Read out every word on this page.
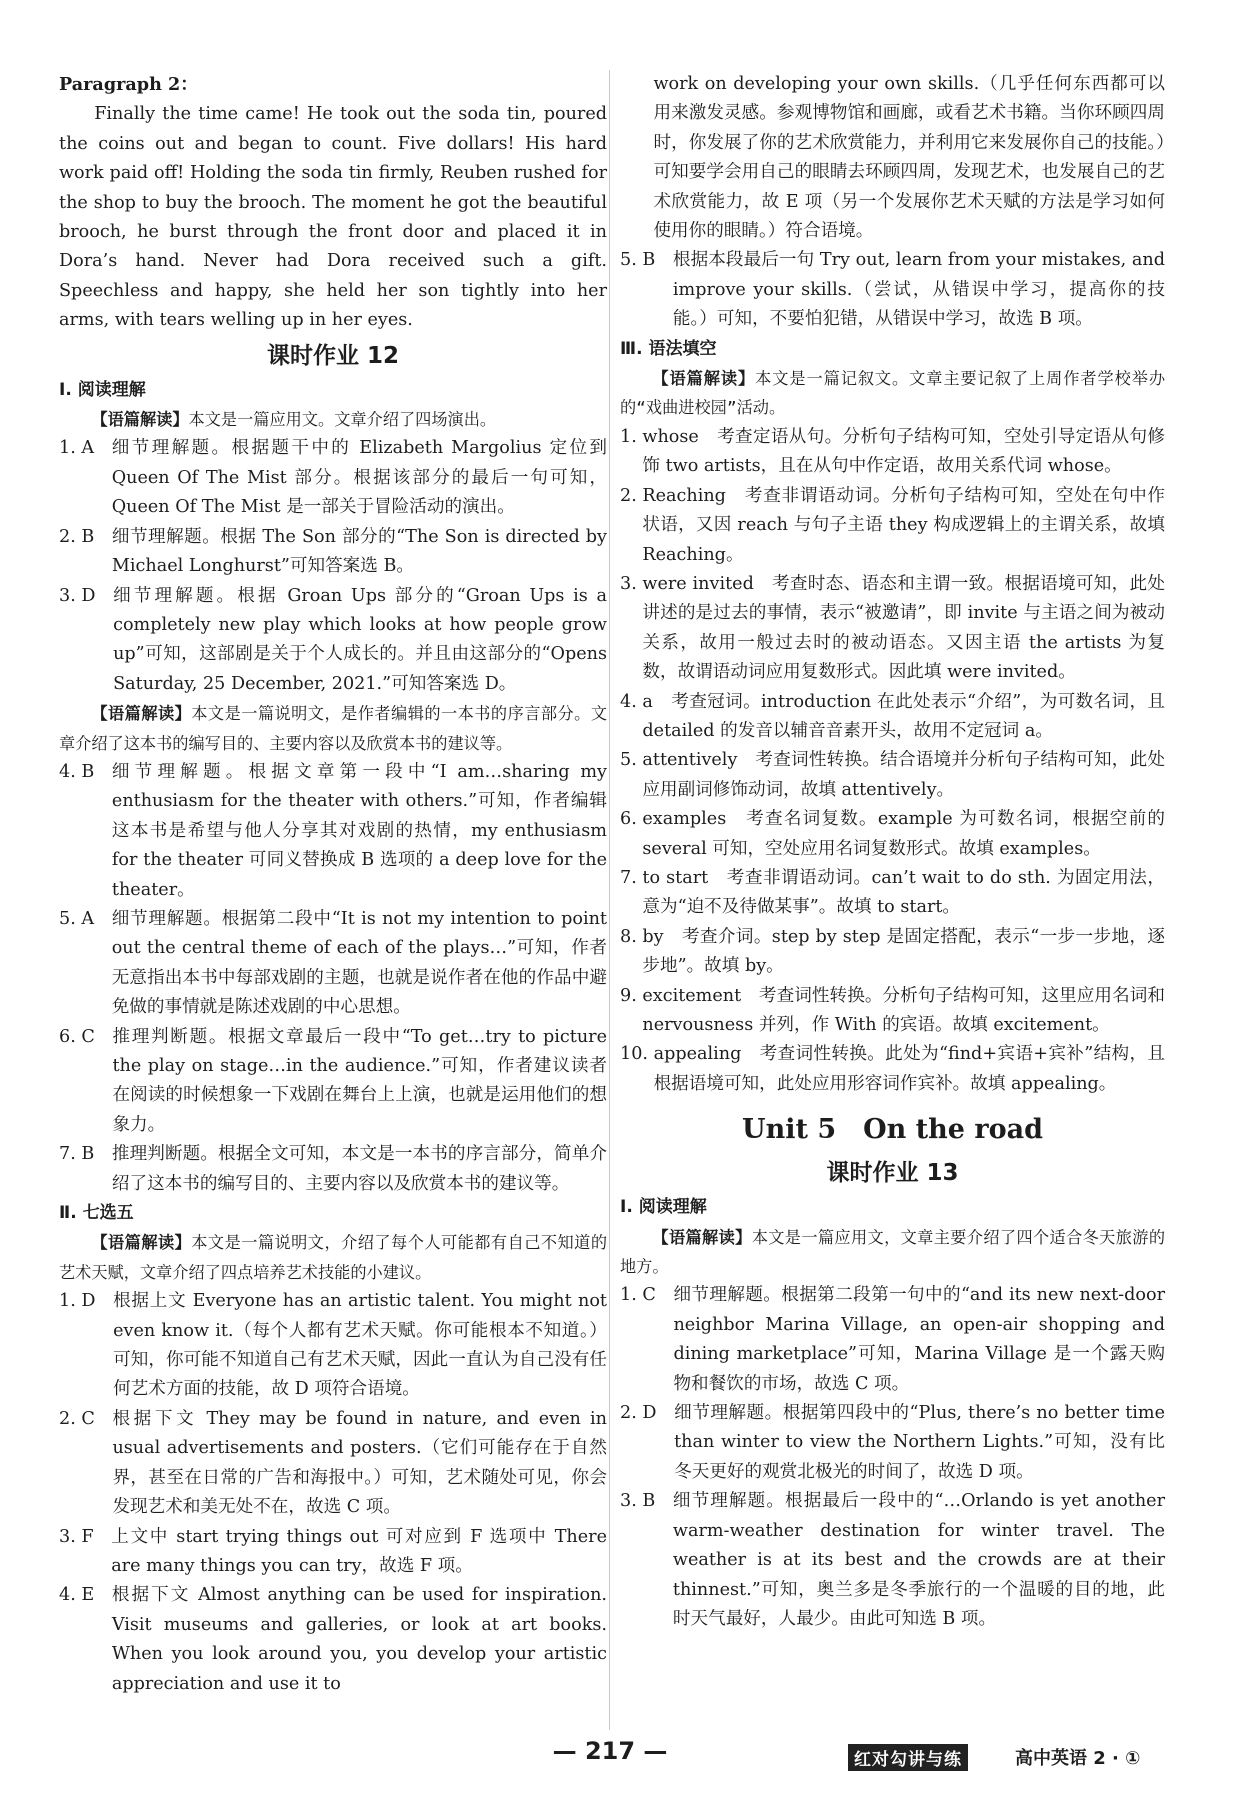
Paragraph 2：

Finally the time came! He took out the soda tin, poured the coins out and began to count. Five dollars! His hard work paid off! Holding the soda tin firmly, Reuben rushed for the shop to buy the brooch. The moment he got the beautiful brooch, he burst through the front door and placed it in Dora’s hand. Never had Dora received such a gift. Speechless and happy, she held her son tightly into her arms, with tears welling up in her eyes.

课时作业 12
Ⅰ. 阅读理解

【语篇解读】本文是一篇应用文。文章介绍了四场演出。

1. A
  细节理解题。根据题干中的 Elizabeth Margolius 定位到 Queen Of The Mist 部分。根据该部分的最后一句可知，Queen Of The Mist 是一部关于冒险活动的演出。
2. B
  细节理解题。根据 The Son 部分的“The Son is directed by Michael Longhurst”可知答案选 B。
3. D
  细节理解题。根据 Groan Ups 部分的“Groan Ups is a completely new play which looks at how people grow up”可知，这部剧是关于个人成长的。并且由这部分的“Opens Saturday, 25 December, 2021.”可知答案选 D。

【语篇解读】本文是一篇说明文，是作者编辑的一本书的序言部分。文章介绍了这本书的编写目的、主要内容以及欣赏本书的建议等。

4. B
  细节理解题。根据文章第一段中“I am…sharing my enthusiasm for the theater with others.”可知，作者编辑这本书是希望与他人分享其对戏剧的热情，my enthusiasm for the theater 可同义替换成 B 选项的 a deep love for the theater。
5. A
  细节理解题。根据第二段中“It is not my intention to point out the central theme of each of the plays…”可知，作者无意指出本书中每部戏剧的主题，也就是说作者在他的作品中避免做的事情就是陈述戏剧的中心思想。
6. C
  推理判断题。根据文章最后一段中“To get…try to picture the play on stage…in the audience.”可知，作者建议读者在阅读的时候想象一下戏剧在舞台上上演，也就是运用他们的想象力。
7. B
  推理判断题。根据全文可知，本文是一本书的序言部分，简单介绍了这本书的编写目的、主要内容以及欣赏本书的建议等。
Ⅱ. 七选五

【语篇解读】本文是一篇说明文，介绍了每个人可能都有自己不知道的艺术天赋，文章介绍了四点培养艺术技能的小建议。

1. D
  根据上文 Everyone has an artistic talent. You might not even know it.（每个人都有艺术天赋。你可能根本不知道。）可知，你可能不知道自己有艺术天赋，因此一直认为自己没有任何艺术方面的技能，故 D 项符合语境。
2. C
  根据下文 They may be found in nature, and even in usual advertisements and posters.（它们可能存在于自然界，甚至在日常的广告和海报中。）可知，艺术随处可见，你会发现艺术和美无处不在，故选 C 项。
3. F
  上文中 start trying things out 可对应到 F 选项中 There are many things you can try，故选 F 项。
4. E
  根据下文 Almost anything can be used for inspiration. Visit museums and galleries, or look at art books. When you look around you, you develop your artistic appreciation and use it to

work on developing your own skills.（几乎任何东西都可以用来激发灵感。参观博物馆和画廊，或看艺术书籍。当你环顾四周时，你发展了你的艺术欣赏能力，并利用它来发展你自己的技能。）可知要学会用自己的眼睛去环顾四周，发现艺术，也发展自己的艺术欣赏能力，故 E 项（另一个发展你艺术天赋的方法是学习如何使用你的眼睛。）符合语境。

5. B
  根据本段最后一句 Try out, learn from your mistakes, and improve your skills.（尝试，从错误中学习，提高你的技能。）可知，不要怕犯错，从错误中学习，故选 B 项。
Ⅲ. 语法填空

【语篇解读】本文是一篇记叙文。文章主要记叙了上周作者学校举办的“戏曲进校园”活动。

1. whose　考查定语从句。分析句子结构可知，空处引导定语从句修饰 two artists，且在从句中作定语，故用关系代词 whose。
2. Reaching　考查非谓语动词。分析句子结构可知，空处在句中作状语，又因 reach 与句子主语 they 构成逻辑上的主谓关系，故填 Reaching。
3. were invited　考查时态、语态和主谓一致。根据语境可知，此处讲述的是过去的事情，表示“被邀请”，即 invite 与主语之间为被动关系，故用一般过去时的被动语态。又因主语 the artists 为复数，故谓语动词应用复数形式。因此填 were invited。
4. a　考查冠词。introduction 在此处表示“介绍”，为可数名词，且 detailed 的发音以辅音音素开头，故用不定冠词 a。
5. attentively　考查词性转换。结合语境并分析句子结构可知，此处应用副词修饰动词，故填 attentively。
6. examples　考查名词复数。example 为可数名词，根据空前的 several 可知，空处应用名词复数形式。故填 examples。
7. to start　考查非谓语动词。can’t wait to do sth. 为固定用法，意为“迫不及待做某事”。故填 to start。
8. by　考查介词。step by step 是固定搭配，表示“一步一步地，逐步地”。故填 by。
9. excitement　考查词性转换。分析句子结构可知，这里应用名词和 nervousness 并列，作 With 的宾语。故填 excitement。
10. appealing　考查词性转换。此处为“find+宾语+宾补”结构，且根据语境可知，此处应用形容词作宾补。故填 appealing。
Unit 5　On the road
课时作业 13
Ⅰ. 阅读理解

【语篇解读】本文是一篇应用文，文章主要介绍了四个适合冬天旅游的地方。

1. C
  细节理解题。根据第二段第一句中的“and its new next-door neighbor Marina Village, an open-air shopping and dining marketplace”可知，Marina Village 是一个露天购物和餐饮的市场，故选 C 项。
2. D
  细节理解题。根据第四段中的“Plus, there’s no better time than winter to view the Northern Lights.”可知，没有比冬天更好的观赏北极光的时间了，故选 D 项。
3. B
  细节理解题。根据最后一段中的“…Orlando is yet another warm-weather destination for winter travel. The weather is at its best and the crowds are at their thinnest.”可知，奥兰多是冬季旅行的一个温暖的目的地，此时天气最好，人最少。由此可知选 B 项。
— 217 —	红对勾讲与练	高中英语 2 · ①
